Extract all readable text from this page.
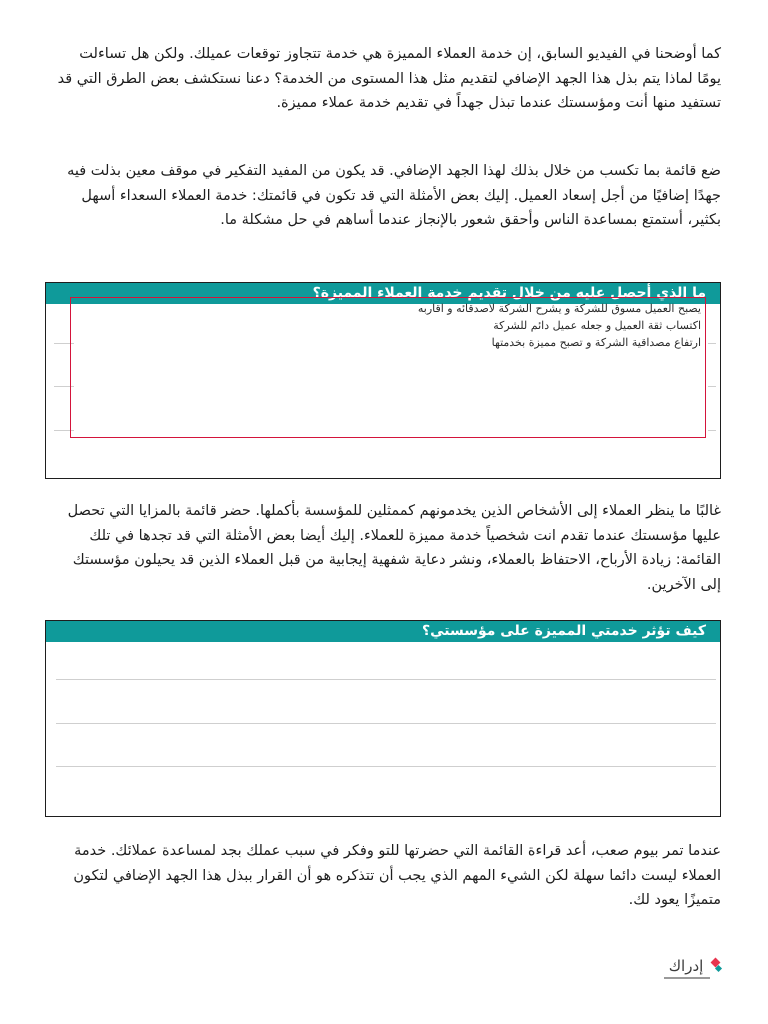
كما أوضحنا في الفيديو السابق، إن خدمة العملاء المميزة هي خدمة تتجاوز توقعات عميلك. ولكن هل تساءلت يومًا لماذا يتم بذل هذا الجهد الإضافي لتقديم مثل هذا المستوى من الخدمة؟ دعنا نستكشف بعض الطرق التي قد تستفيد منها أنت ومؤسستك عندما تبذل جهداً في تقديم خدمة عملاء مميزة.

ضع قائمة بما تكسب من خلال بذلك لهذا الجهد الإضافي. قد يكون من المفيد التفكير في موقف معين بذلت فيه جهدًا إضافيًا من أجل إسعاد العميل. إليك بعض الأمثلة التي قد تكون في قائمتك: خدمة العملاء السعداء أسهل بكثير، أستمتع بمساعدة الناس وأحقق شعور بالإنجاز عندما أساهم في حل مشكلة ما.

ما الذي أحصل عليه من خلال تقديم خدمة العملاء المميزة؟
يصبح العميل مسوق للشركة و يشرح الشركة لاصدقائه و اقاربه
اكتساب ثقة العميل و جعله عميل دائم للشركة
ارتفاع مصداقية الشركة و تصبح مميزة بخدمتها

غالبًا ما ينظر العملاء إلى الأشخاص الذين يخدمونهم كممثلين للمؤسسة بأكملها. حضر قائمة بالمزايا التي تحصل عليها مؤسستك عندما تقدم انت شخصياً خدمة مميزة للعملاء. إليك أيضا بعض الأمثلة التي قد تجدها في تلك القائمة: زيادة الأرباح، الاحتفاظ بالعملاء، ونشر دعاية شفهية إيجابية من قبل العملاء الذين قد يحيلون مؤسستك إلى الآخرين.

كيف تؤثر خدمتي المميزة على مؤسستي؟

عندما تمر بيوم صعب، أعد قراءة القائمة التي حضرتها للتو وفكر في سبب عملك بجد لمساعدة عملائك. خدمة العملاء ليست دائما سهلة لكن الشيء المهم الذي يجب أن تتذكره هو أن القرار ببذل هذا الجهد الإضافي لتكون متميزًا يعود لك.

إدراك
